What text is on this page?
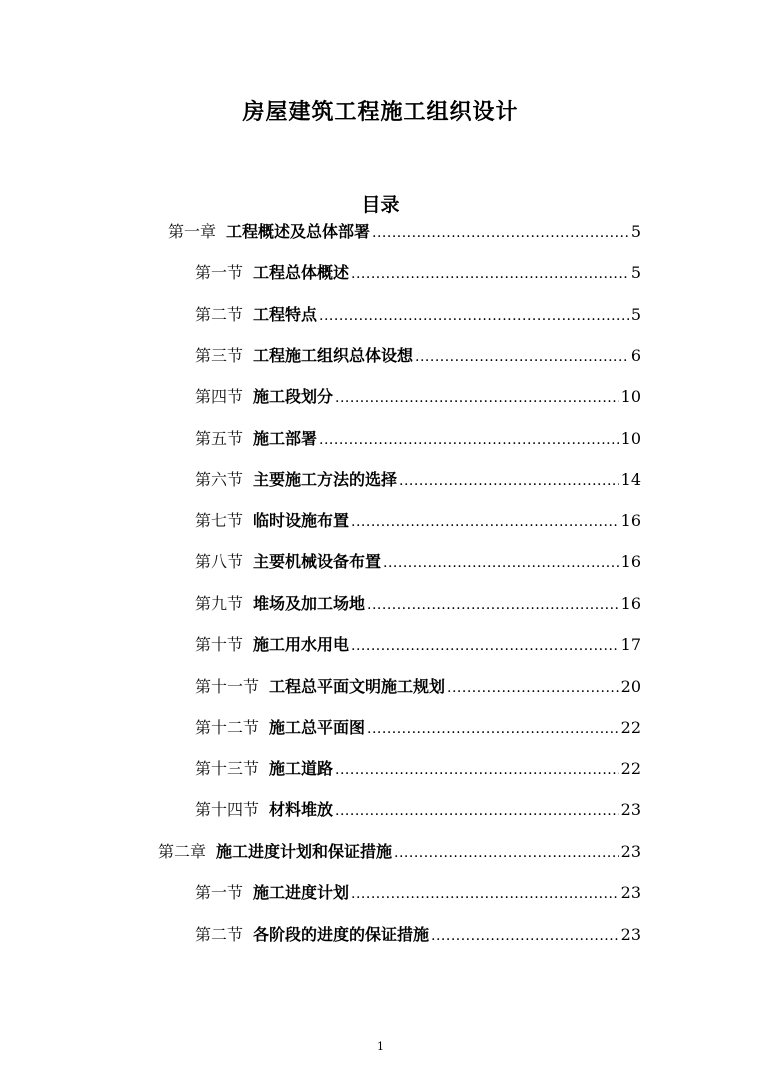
房屋建筑工程施工组织设计
目录
第一章 工程概述及总体部署 .....	5
第一节 工程总体概述 .....	5
第二节 工程特点 .....	5
第三节 工程施工组织总体设想 .....	6
第四节 施工段划分 .....	10
第五节 施工部署 .....	10
第六节 主要施工方法的选择 .....	14
第七节 临时设施布置 .....	16
第八节 主要机械设备布置 .....	16
第九节 堆场及加工场地 .....	16
第十节 施工用水用电 .....	17
第十一节 工程总平面文明施工规划 .....	20
第十二节 施工总平面图 .....	22
第十三节 施工道路 .....	22
第十四节 材料堆放 .....	23
第二章 施工进度计划和保证措施 .....	23
第一节 施工进度计划 .....	23
第二节 各阶段的进度的保证措施 .....	23
1
